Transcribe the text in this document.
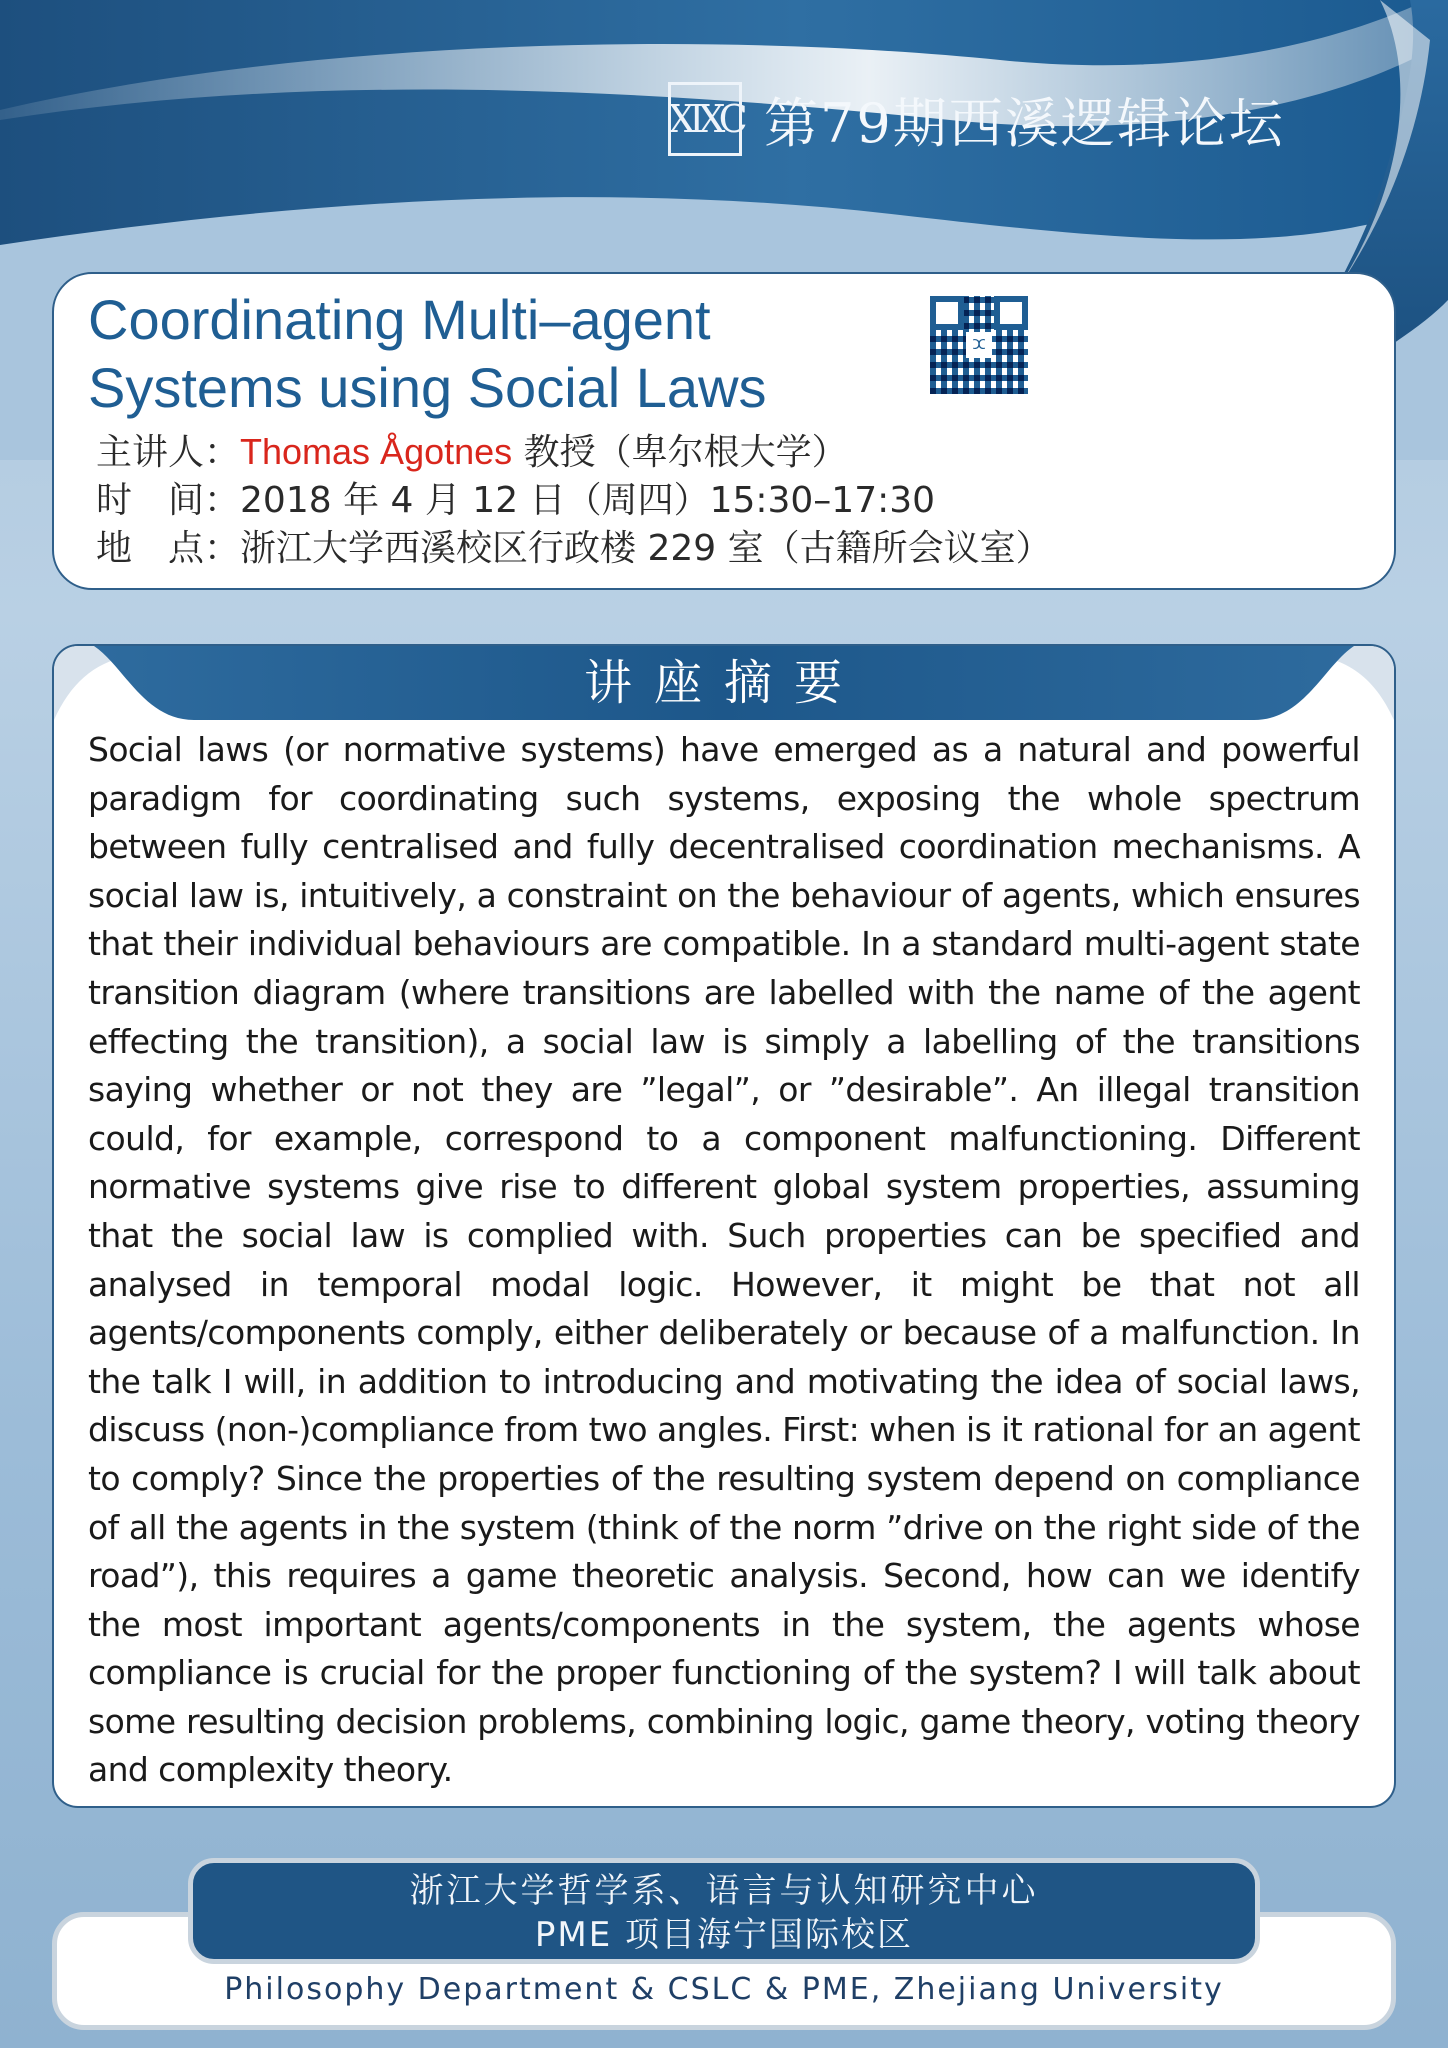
XIXC 第79期西溪逻辑论坛
Coordinating Multi–agent
Systems using Social Laws
ⵋ
主讲人：Thomas Ågotnes 教授（卑尔根大学）
时　间：2018 年 4 月 12 日（周四）15:30–17:30
地　点：浙江大学西溪校区行政楼 229 室（古籍所会议室）
讲座摘要
Social laws (or normative systems) have emerged as a natural and powerful paradigm for coordinating such systems, exposing the whole spectrum between fully centralised and fully decentralised coordination mechanisms. A social law is, intuitively, a constraint on the behaviour of agents, which ensures that their individual behaviours are compatible. In a standard multi-agent state transition diagram (where transitions are labelled with the name of the agent effecting the transition), a social law is simply a labelling of the transitions saying whether or not they are ”legal”, or ”desirable”. An illegal transition could, for example, correspond to a component malfunctioning. Different normative systems give rise to different global system properties, assuming that the social law is complied with. Such properties can be specified and analysed in temporal modal logic. However, it might be that not all agents/components comply, either deliberately or because of a malfunction. In the talk I will, in addition to introducing and motivating the idea of social laws, discuss (non-)compliance from two angles. First: when is it rational for an agent to comply? Since the properties of the resulting system depend on compliance of all the agents in the system (think of the norm ”drive on the right side of the road”), this requires a game theoretic analysis. Second, how can we identify the most important agents/components in the system, the agents whose compliance is crucial for the proper functioning of the system? I will talk about some resulting decision problems, combining logic, game theory, voting theory and complexity theory.
浙江大学哲学系、语言与认知研究中心
PME 项目海宁国际校区
Philosophy Department & CSLC & PME, Zhejiang University
